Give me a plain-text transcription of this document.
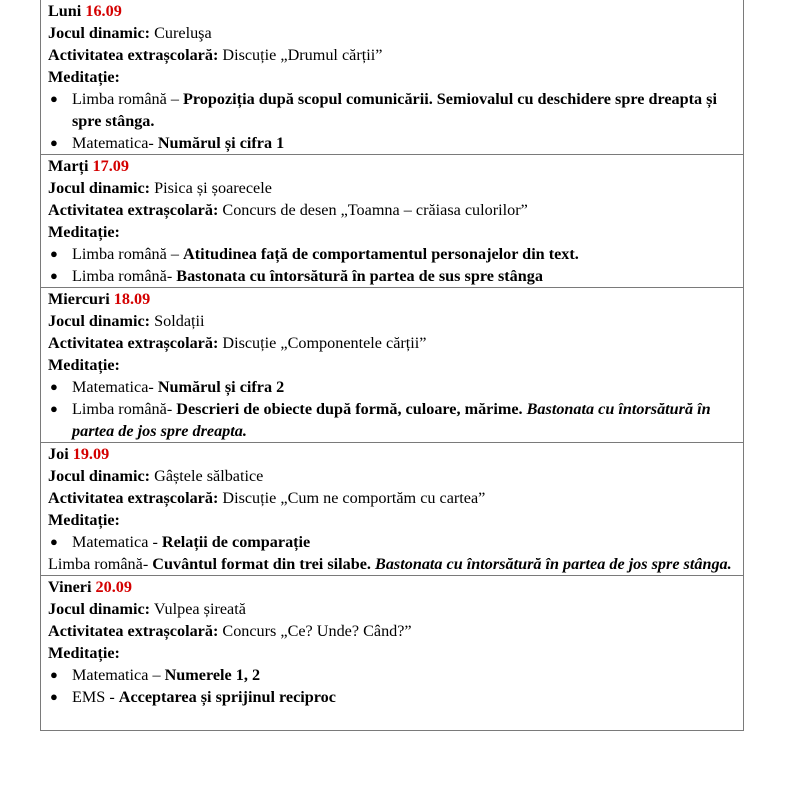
Luni 16.09
Jocul dinamic: Cureluşa
Activitatea extrașcolară: Discuție „Drumul cărții”
Meditație:
● Limba română – Propoziția după scopul comunicării. Semiovalul cu deschidere spre dreapta și spre stânga.
● Matematica- Numărul și cifra 1
Marți 17.09
Jocul dinamic: Pisica și șoarecele
Activitatea extrașcolară: Concurs de desen „Toamna – crăiasa culorilor”
Meditație:
● Limba română – Atitudinea față de comportamentul personajelor din text.
● Limba română- Bastonata cu întorsătură în partea de sus spre stânga
Miercuri 18.09
Jocul dinamic: Soldații
Activitatea extrașcolară: Discuție „Componentele cărții”
Meditație:
● Matematica- Numărul și cifra 2
● Limba română- Descrieri de obiecte după formă, culoare, mărime. Bastonata cu întorsătură în partea de jos spre dreapta.
Joi 19.09
Jocul dinamic: Gâștele sălbatice
Activitatea extrașcolară: Discuție „Cum ne comportăm cu cartea”
Meditație:
● Matematica - Relații de comparație
Limba română- Cuvântul format din trei silabe. Bastonata cu întorsătură în partea de jos spre stânga.
Vineri 20.09
Jocul dinamic: Vulpea șireată
Activitatea extrașcolară: Concurs „Ce? Unde? Când?”
Meditație:
● Matematica – Numerele 1, 2
● EMS - Acceptarea și sprijinul reciproc
